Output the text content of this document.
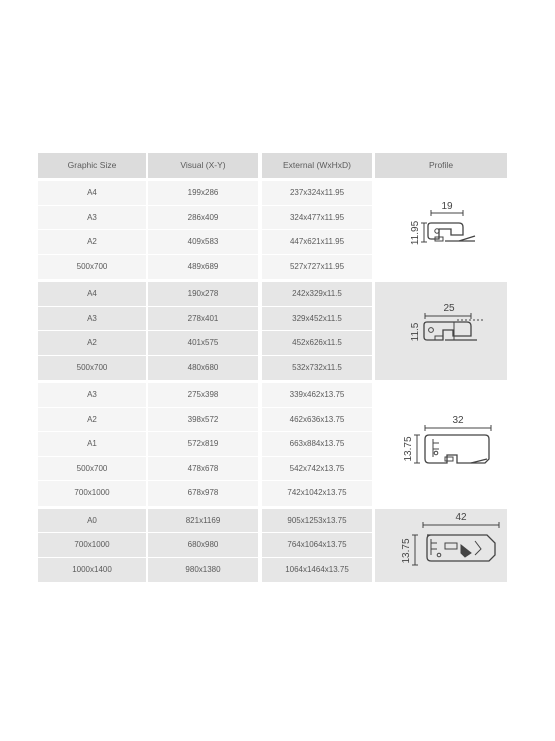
Graphic Size	Visual (X-Y)	External (WxHxD)	Profile
A4	199x286	237x324x11.95
A3	286x409	324x477x11.95
A2	409x583	447x621x11.95
500x700	489x689	527x727x11.95
19
11.95
A4	190x278	242x329x11.5
A3	278x401	329x452x11.5
A2	401x575	452x626x11.5
500x700	480x680	532x732x11.5
25
11.5
A3	275x398	339x462x13.75
A2	398x572	462x636x13.75
A1	572x819	663x884x13.75
500x700	478x678	542x742x13.75
700x1000	678x978	742x1042x13.75
32
13.75
A0	821x1169	905x1253x13.75
700x1000	680x980	764x1064x13.75
1000x1400	980x1380	1064x1464x13.75
42
13.75
